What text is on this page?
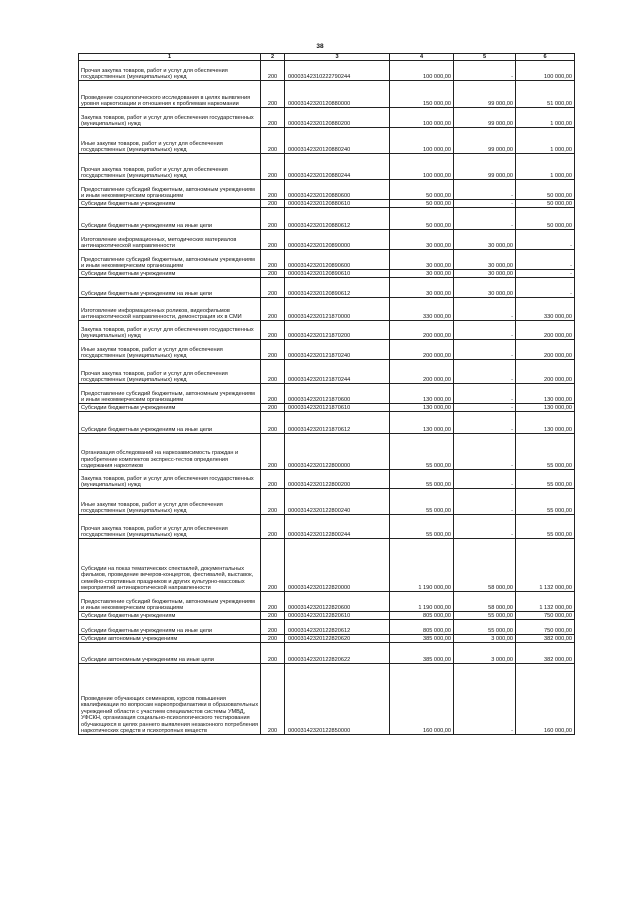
38
1	2	3	4	5	6
Прочая закупка товаров, работ и услуг для обеспечения государственных (муниципальных) нужд	200	00003142310222790244	100 000,00	-	100 000,00
Проведение социологического исследования в целях выявления уровня наркотизации и отношения к проблемам наркомании	200	00003142320120880000	150 000,00	99 000,00	51 000,00
Закупка товаров, работ и услуг для обеспечения государственных (муниципальных) нужд	200	00003142320120880200	100 000,00	99 000,00	1 000,00
Иные закупки товаров, работ и услуг для обеспечения государственных (муниципальных) нужд	200	00003142320120880240	100 000,00	99 000,00	1 000,00
Прочая закупка товаров, работ и услуг для обеспечения государственных (муниципальных) нужд	200	00003142320120880244	100 000,00	99 000,00	1 000,00
Предоставление субсидий бюджетным, автономным учреждениям и иным некоммерческим организациям	200	00003142320120880600	50 000,00	-	50 000,00
Субсидии бюджетным учреждениям	200	00003142320120880610	50 000,00	-	50 000,00
Субсидии бюджетным учреждениям на иные цели	200	00003142320120880612	50 000,00	-	50 000,00
Изготовление информационных, методических материалов антинаркотической направленности	200	00003142320120890000	30 000,00	30 000,00	-
Предоставление субсидий бюджетным, автономным учреждениям и иным некоммерческим организациям	200	00003142320120890600	30 000,00	30 000,00	-
Субсидии бюджетным учреждениям	200	00003142320120890610	30 000,00	30 000,00	-
Субсидии бюджетным учреждениям на иные цели	200	00003142320120890612	30 000,00	30 000,00	-
Изготовление информационных роликов, видеофильмов антинаркотической направленности, демонстрация их в СМИ	200	00003142320121870000	330 000,00	-	330 000,00
Закупка товаров, работ и услуг для обеспечения государственных (муниципальных) нужд	200	00003142320121870200	200 000,00	-	200 000,00
Иные закупки товаров, работ и услуг для обеспечения государственных (муниципальных) нужд	200	00003142320121870240	200 000,00	-	200 000,00
Прочая закупка товаров, работ и услуг для обеспечения государственных (муниципальных) нужд	200	00003142320121870244	200 000,00	-	200 000,00
Предоставление субсидий бюджетным, автономным учреждениям и иным некоммерческим организациям	200	00003142320121870600	130 000,00	-	130 000,00
Субсидии бюджетным учреждениям	200	00003142320121870610	130 000,00	-	130 000,00
Субсидии бюджетным учреждениям на иные цели	200	00003142320121870612	130 000,00	-	130 000,00
Организация обследований на наркозависимость граждан и приобретение комплектов экспресс-тестов определения содержания наркотиков	200	00003142320122800000	55 000,00	-	55 000,00
Закупка товаров, работ и услуг для обеспечения государственных (муниципальных) нужд	200	00003142320122800200	55 000,00	-	55 000,00
Иные закупки товаров, работ и услуг для обеспечения государственных (муниципальных) нужд	200	00003142320122800240	55 000,00	-	55 000,00
Прочая закупка товаров, работ и услуг для обеспечения государственных (муниципальных) нужд	200	00003142320122800244	55 000,00	-	55 000,00
Субсидии на показ тематических спектаклей, документальных фильмов, проведение вечеров-концертов, фестивалей, выставок, семейно-спортивных праздников и других культурно-массовых мероприятий антинаркотической направленности	200	00003142320122820000	1 190 000,00	58 000,00	1 132 000,00
Предоставление субсидий бюджетным, автономным учреждениям и иным некоммерческим организациям	200	00003142320122820600	1 190 000,00	58 000,00	1 132 000,00
Субсидии бюджетным учреждениям	200	00003142320122820610	805 000,00	55 000,00	750 000,00
Субсидии бюджетным учреждениям на иные цели	200	00003142320122820612	805 000,00	55 000,00	750 000,00
Субсидии автономным учреждениям	200	00003142320122820620	385 000,00	3 000,00	382 000,00
Субсидии автономным учреждениям на иные цели	200	00003142320122820622	385 000,00	3 000,00	382 000,00
Проведение обучающих семинаров, курсов повышения квалификации по вопросам наркопрофилактики в образовательных учреждений области с участием специалистов системы УМВД, УФСКН, организация социально-психологического тестирования обучающихся в целях раннего выявления незаконного потребления наркотических средств и психотропных веществ	200	00003142320122850000	160 000,00	-	160 000,00
